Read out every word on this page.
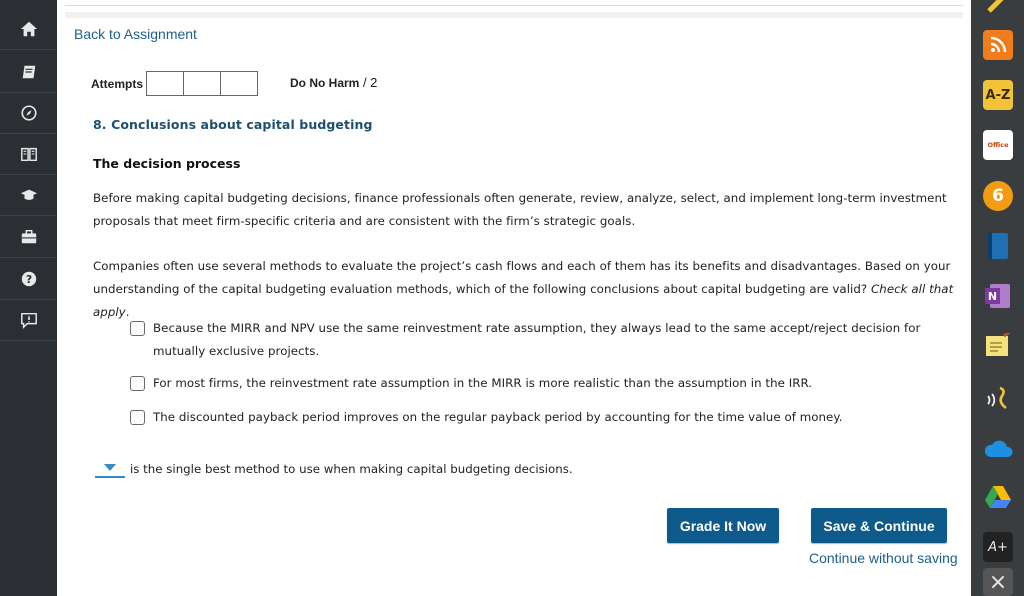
?
Back to Assignment
Attempts	Do No Harm / 2
8. Conclusions about capital budgeting
The decision process
Before making capital budgeting decisions, finance professionals often generate, review, analyze, select, and implement long-term investment proposals that meet firm-specific criteria and are consistent with the firm’s strategic goals.
Companies often use several methods to evaluate the project’s cash flows and each of them has its benefits and disadvantages. Based on your understanding of the capital budgeting evaluation methods, which of the following conclusions about capital budgeting are valid? Check all that apply.
Because the MIRR and NPV use the same reinvestment rate assumption, they always lead to the same accept/reject decision for mutually exclusive projects.
For most firms, the reinvestment rate assumption in the MIRR is more realistic than the assumption in the IRR.
The discounted payback period improves on the regular payback period by accounting for the time value of money.
is the single best method to use when making capital budgeting decisions.
Grade It Now	Save & Continue
Continue without saving
A-Z
Office
6
N
A+
×
